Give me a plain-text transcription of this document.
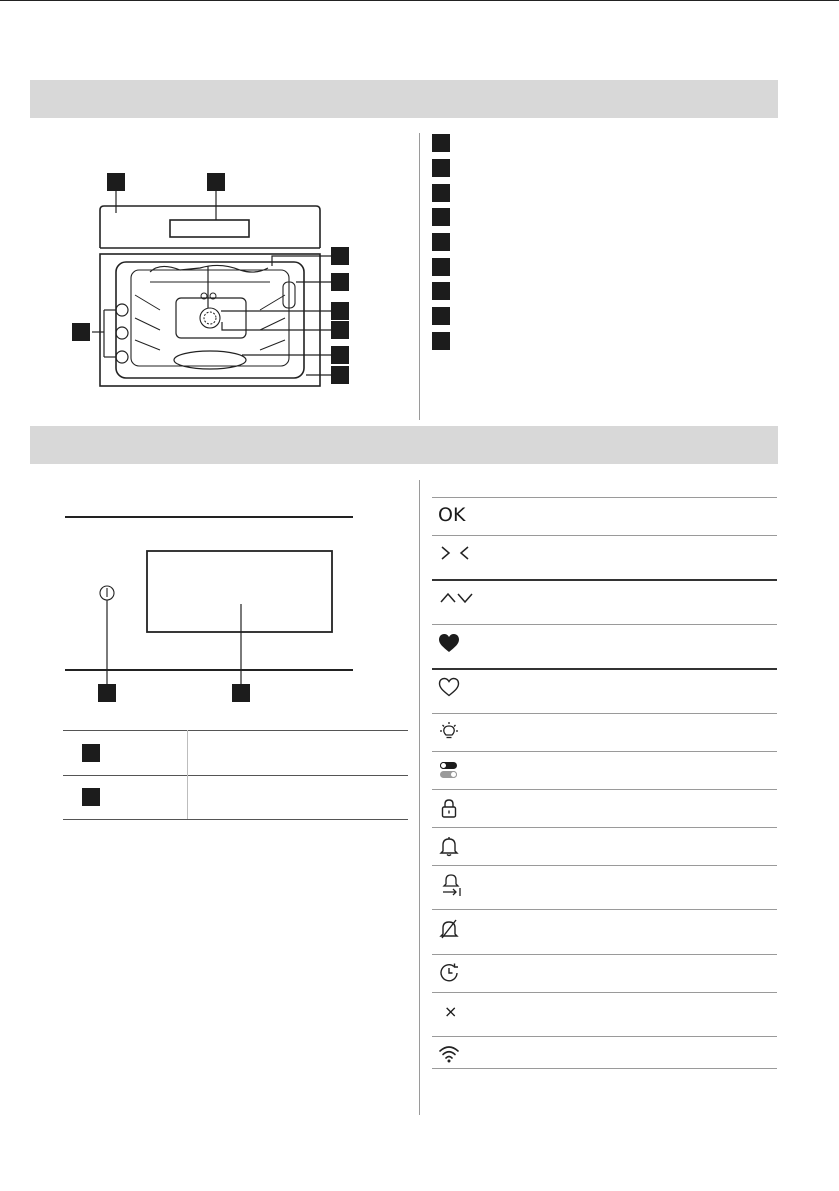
OK
×
